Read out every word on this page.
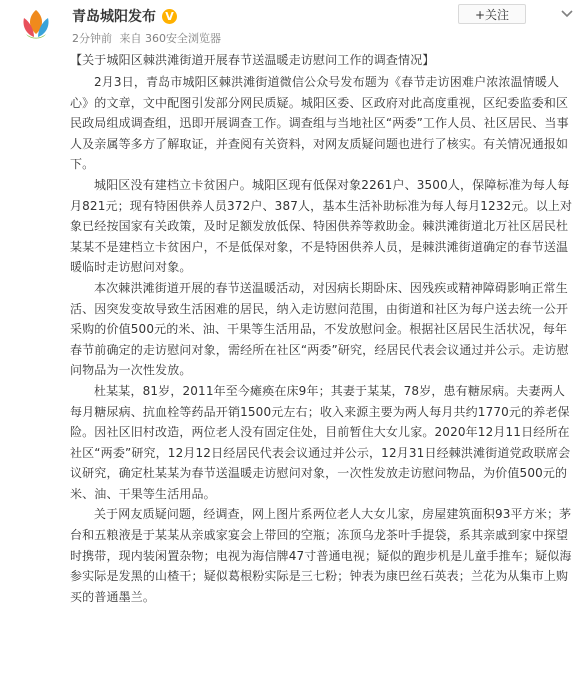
青岛城阳发布 V
2分钟前 来自 360安全浏览器
+关注

【关于城阳区棘洪滩街道开展春节送温暖走访慰问工作的调查情况】

2月3日，青岛市城阳区棘洪滩街道微信公众号发布题为《春节走访困难户浓浓温情暖人心》的文章，文中配图引发部分网民质疑。城阳区委、区政府对此高度重视，区纪委监委和区民政局组成调查组，迅即开展调查工作。调查组与当地社区“两委”工作人员、社区居民、当事人及亲属等多方了解取证，并查阅有关资料，对网友质疑问题也进行了核实。有关情况通报如下。

城阳区没有建档立卡贫困户。城阳区现有低保对象2261户、3500人，保障标准为每人每月821元；现有特困供养人员372户、387人，基本生活补助标准为每人每月1232元。以上对象已经按国家有关政策，及时足额发放低保、特困供养等救助金。棘洪滩街道北万社区居民杜某某不是建档立卡贫困户，不是低保对象，不是特困供养人员，是棘洪滩街道确定的春节送温暖临时走访慰问对象。

本次棘洪滩街道开展的春节送温暖活动，对因病长期卧床、因残疾或精神障碍影响正常生活、因突发变故导致生活困难的居民，纳入走访慰问范围，由街道和社区为每户送去统一公开采购的价值500元的米、油、干果等生活用品，不发放慰问金。根据社区居民生活状况，每年春节前确定的走访慰问对象，需经所在社区“两委”研究，经居民代表会议通过并公示。走访慰问物品为一次性发放。

杜某某，81岁，2011年至今瘫痪在床9年；其妻于某某，78岁，患有糖尿病。夫妻两人每月糖尿病、抗血栓等药品开销1500元左右；收入来源主要为两人每月共约1770元的养老保险。因社区旧村改造，两位老人没有固定住处，目前暂住大女儿家。2020年12月11日经所在社区“两委”研究，12月12日经居民代表会议通过并公示，12月31日经棘洪滩街道党政联席会议研究，确定杜某某为春节送温暖走访慰问对象，一次性发放走访慰问物品，为价值500元的米、油、干果等生活用品。

关于网友质疑问题，经调查，网上图片系两位老人大女儿家，房屋建筑面积93平方米；茅台和五粮液是于某某从亲戚家宴会上带回的空瓶；冻顶乌龙茶叶手提袋，系其亲戚到家中探望时携带，现内装闲置杂物；电视为海信牌47寸普通电视；疑似的跑步机是儿童手推车；疑似海参实际是发黑的山楂干；疑似葛根粉实际是三七粉；钟表为康巴丝石英表；兰花为从集市上购买的普通墨兰。
